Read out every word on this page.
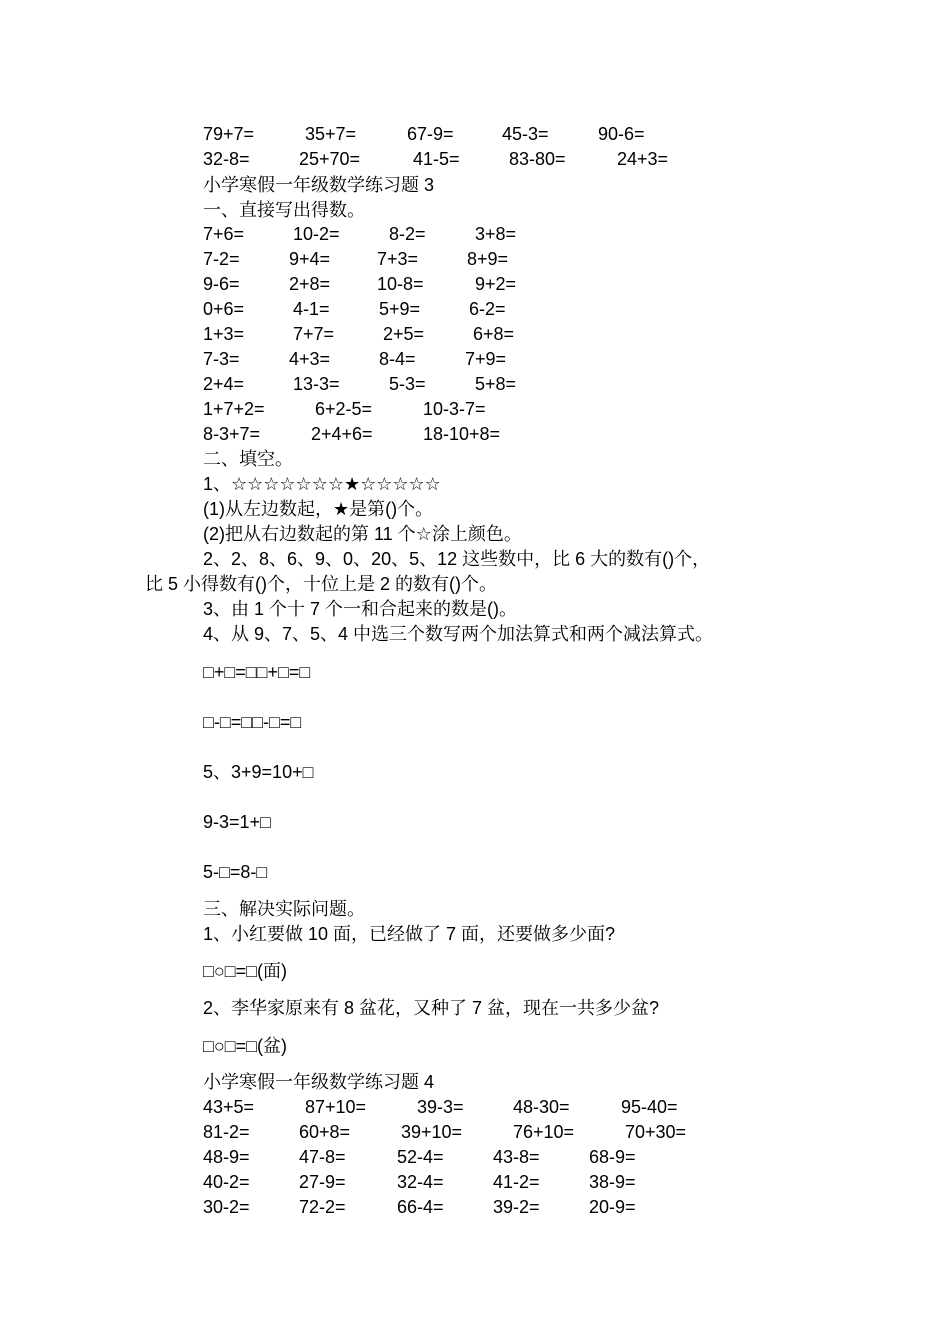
79+7=	35+7=	67-9=	45-3=	90-6=
32-8=	25+70=	41-5=	83-80=	24+3=
小学寒假一年级数学练习题 3
一、直接写出得数。
7+6=	10-2=	8-2=	3+8=
7-2=	9+4=	7+3=	8+9=
9-6=	2+8=	10-8=	9+2=
0+6=	4-1=	5+9=	6-2=
1+3=	7+7=	2+5=	6+8=
7-3=	4+3=	8-4=	7+9=
2+4=	13-3=	5-3=	5+8=
1+7+2=	6+2-5=	10-3-7=
8-3+7=	2+4+6=	18-10+8=
二、填空。
1、☆☆☆☆☆☆☆★☆☆☆☆☆
(1)从左边数起，★是第()个。
(2)把从右边数起的第 11 个☆涂上颜色。
2、2、8、6、9、0、20、5、12 这些数中，比 6 大的数有()个，
比 5 小得数有()个，十位上是 2 的数有()个。
3、由 1 个十 7 个一和合起来的数是()。
4、从 9、7、5、4 中选三个数写两个加法算式和两个减法算式。
□+□=□□+□=□
□-□=□□-□=□
5、3+9=10+□
9-3=1+□
5-□=8-□
三、解决实际问题。
1、小红要做 10 面，已经做了 7 面，还要做多少面?
□○□=□(面)
2、李华家原来有 8 盆花，又种了 7 盆，现在一共多少盆?
□○□=□(盆)
小学寒假一年级数学练习题 4
43+5=	87+10=	39-3=	48-30=	95-40=
81-2=	60+8=	39+10=	76+10=	70+30=
48-9=	47-8=	52-4=	43-8=	68-9=
40-2=	27-9=	32-4=	41-2=	38-9=
30-2=	72-2=	66-4=	39-2=	20-9=
